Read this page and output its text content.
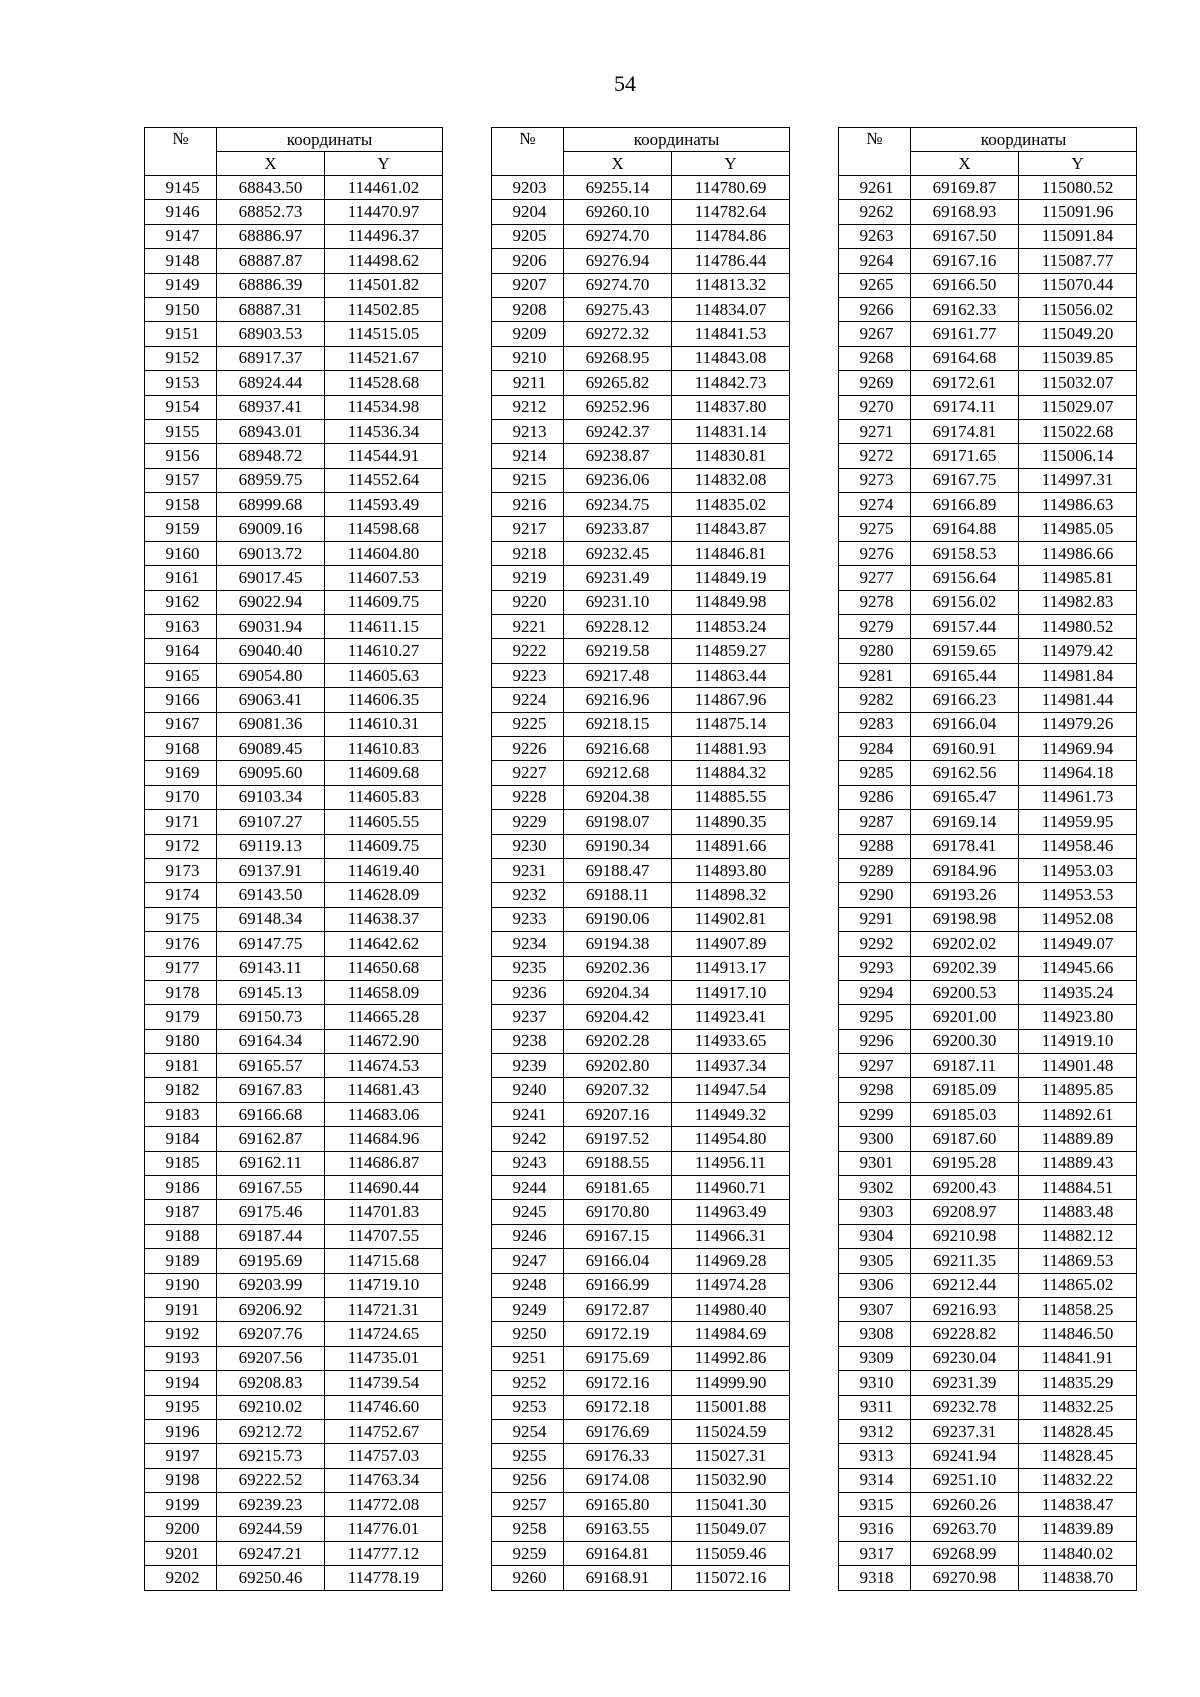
54
№	координаты	
	X	Y
9145	68843.50	114461.02
9146	68852.73	114470.97
9147	68886.97	114496.37
9148	68887.87	114498.62
9149	68886.39	114501.82
9150	68887.31	114502.85
9151	68903.53	114515.05
9152	68917.37	114521.67
9153	68924.44	114528.68
9154	68937.41	114534.98
9155	68943.01	114536.34
9156	68948.72	114544.91
9157	68959.75	114552.64
9158	68999.68	114593.49
9159	69009.16	114598.68
9160	69013.72	114604.80
9161	69017.45	114607.53
9162	69022.94	114609.75
9163	69031.94	114611.15
9164	69040.40	114610.27
9165	69054.80	114605.63
9166	69063.41	114606.35
9167	69081.36	114610.31
9168	69089.45	114610.83
9169	69095.60	114609.68
9170	69103.34	114605.83
9171	69107.27	114605.55
9172	69119.13	114609.75
9173	69137.91	114619.40
9174	69143.50	114628.09
9175	69148.34	114638.37
9176	69147.75	114642.62
9177	69143.11	114650.68
9178	69145.13	114658.09
9179	69150.73	114665.28
9180	69164.34	114672.90
9181	69165.57	114674.53
9182	69167.83	114681.43
9183	69166.68	114683.06
9184	69162.87	114684.96
9185	69162.11	114686.87
9186	69167.55	114690.44
9187	69175.46	114701.83
9188	69187.44	114707.55
9189	69195.69	114715.68
9190	69203.99	114719.10
9191	69206.92	114721.31
9192	69207.76	114724.65
9193	69207.56	114735.01
9194	69208.83	114739.54
9195	69210.02	114746.60
9196	69212.72	114752.67
9197	69215.73	114757.03
9198	69222.52	114763.34
9199	69239.23	114772.08
9200	69244.59	114776.01
9201	69247.21	114777.12
9202	69250.46	114778.19
№	координаты	
	X	Y
9203	69255.14	114780.69
9204	69260.10	114782.64
9205	69274.70	114784.86
9206	69276.94	114786.44
9207	69274.70	114813.32
9208	69275.43	114834.07
9209	69272.32	114841.53
9210	69268.95	114843.08
9211	69265.82	114842.73
9212	69252.96	114837.80
9213	69242.37	114831.14
9214	69238.87	114830.81
9215	69236.06	114832.08
9216	69234.75	114835.02
9217	69233.87	114843.87
9218	69232.45	114846.81
9219	69231.49	114849.19
9220	69231.10	114849.98
9221	69228.12	114853.24
9222	69219.58	114859.27
9223	69217.48	114863.44
9224	69216.96	114867.96
9225	69218.15	114875.14
9226	69216.68	114881.93
9227	69212.68	114884.32
9228	69204.38	114885.55
9229	69198.07	114890.35
9230	69190.34	114891.66
9231	69188.47	114893.80
9232	69188.11	114898.32
9233	69190.06	114902.81
9234	69194.38	114907.89
9235	69202.36	114913.17
9236	69204.34	114917.10
9237	69204.42	114923.41
9238	69202.28	114933.65
9239	69202.80	114937.34
9240	69207.32	114947.54
9241	69207.16	114949.32
9242	69197.52	114954.80
9243	69188.55	114956.11
9244	69181.65	114960.71
9245	69170.80	114963.49
9246	69167.15	114966.31
9247	69166.04	114969.28
9248	69166.99	114974.28
9249	69172.87	114980.40
9250	69172.19	114984.69
9251	69175.69	114992.86
9252	69172.16	114999.90
9253	69172.18	115001.88
9254	69176.69	115024.59
9255	69176.33	115027.31
9256	69174.08	115032.90
9257	69165.80	115041.30
9258	69163.55	115049.07
9259	69164.81	115059.46
9260	69168.91	115072.16
№	координаты	
	X	Y
9261	69169.87	115080.52
9262	69168.93	115091.96
9263	69167.50	115091.84
9264	69167.16	115087.77
9265	69166.50	115070.44
9266	69162.33	115056.02
9267	69161.77	115049.20
9268	69164.68	115039.85
9269	69172.61	115032.07
9270	69174.11	115029.07
9271	69174.81	115022.68
9272	69171.65	115006.14
9273	69167.75	114997.31
9274	69166.89	114986.63
9275	69164.88	114985.05
9276	69158.53	114986.66
9277	69156.64	114985.81
9278	69156.02	114982.83
9279	69157.44	114980.52
9280	69159.65	114979.42
9281	69165.44	114981.84
9282	69166.23	114981.44
9283	69166.04	114979.26
9284	69160.91	114969.94
9285	69162.56	114964.18
9286	69165.47	114961.73
9287	69169.14	114959.95
9288	69178.41	114958.46
9289	69184.96	114953.03
9290	69193.26	114953.53
9291	69198.98	114952.08
9292	69202.02	114949.07
9293	69202.39	114945.66
9294	69200.53	114935.24
9295	69201.00	114923.80
9296	69200.30	114919.10
9297	69187.11	114901.48
9298	69185.09	114895.85
9299	69185.03	114892.61
9300	69187.60	114889.89
9301	69195.28	114889.43
9302	69200.43	114884.51
9303	69208.97	114883.48
9304	69210.98	114882.12
9305	69211.35	114869.53
9306	69212.44	114865.02
9307	69216.93	114858.25
9308	69228.82	114846.50
9309	69230.04	114841.91
9310	69231.39	114835.29
9311	69232.78	114832.25
9312	69237.31	114828.45
9313	69241.94	114828.45
9314	69251.10	114832.22
9315	69260.26	114838.47
9316	69263.70	114839.89
9317	69268.99	114840.02
9318	69270.98	114838.70
